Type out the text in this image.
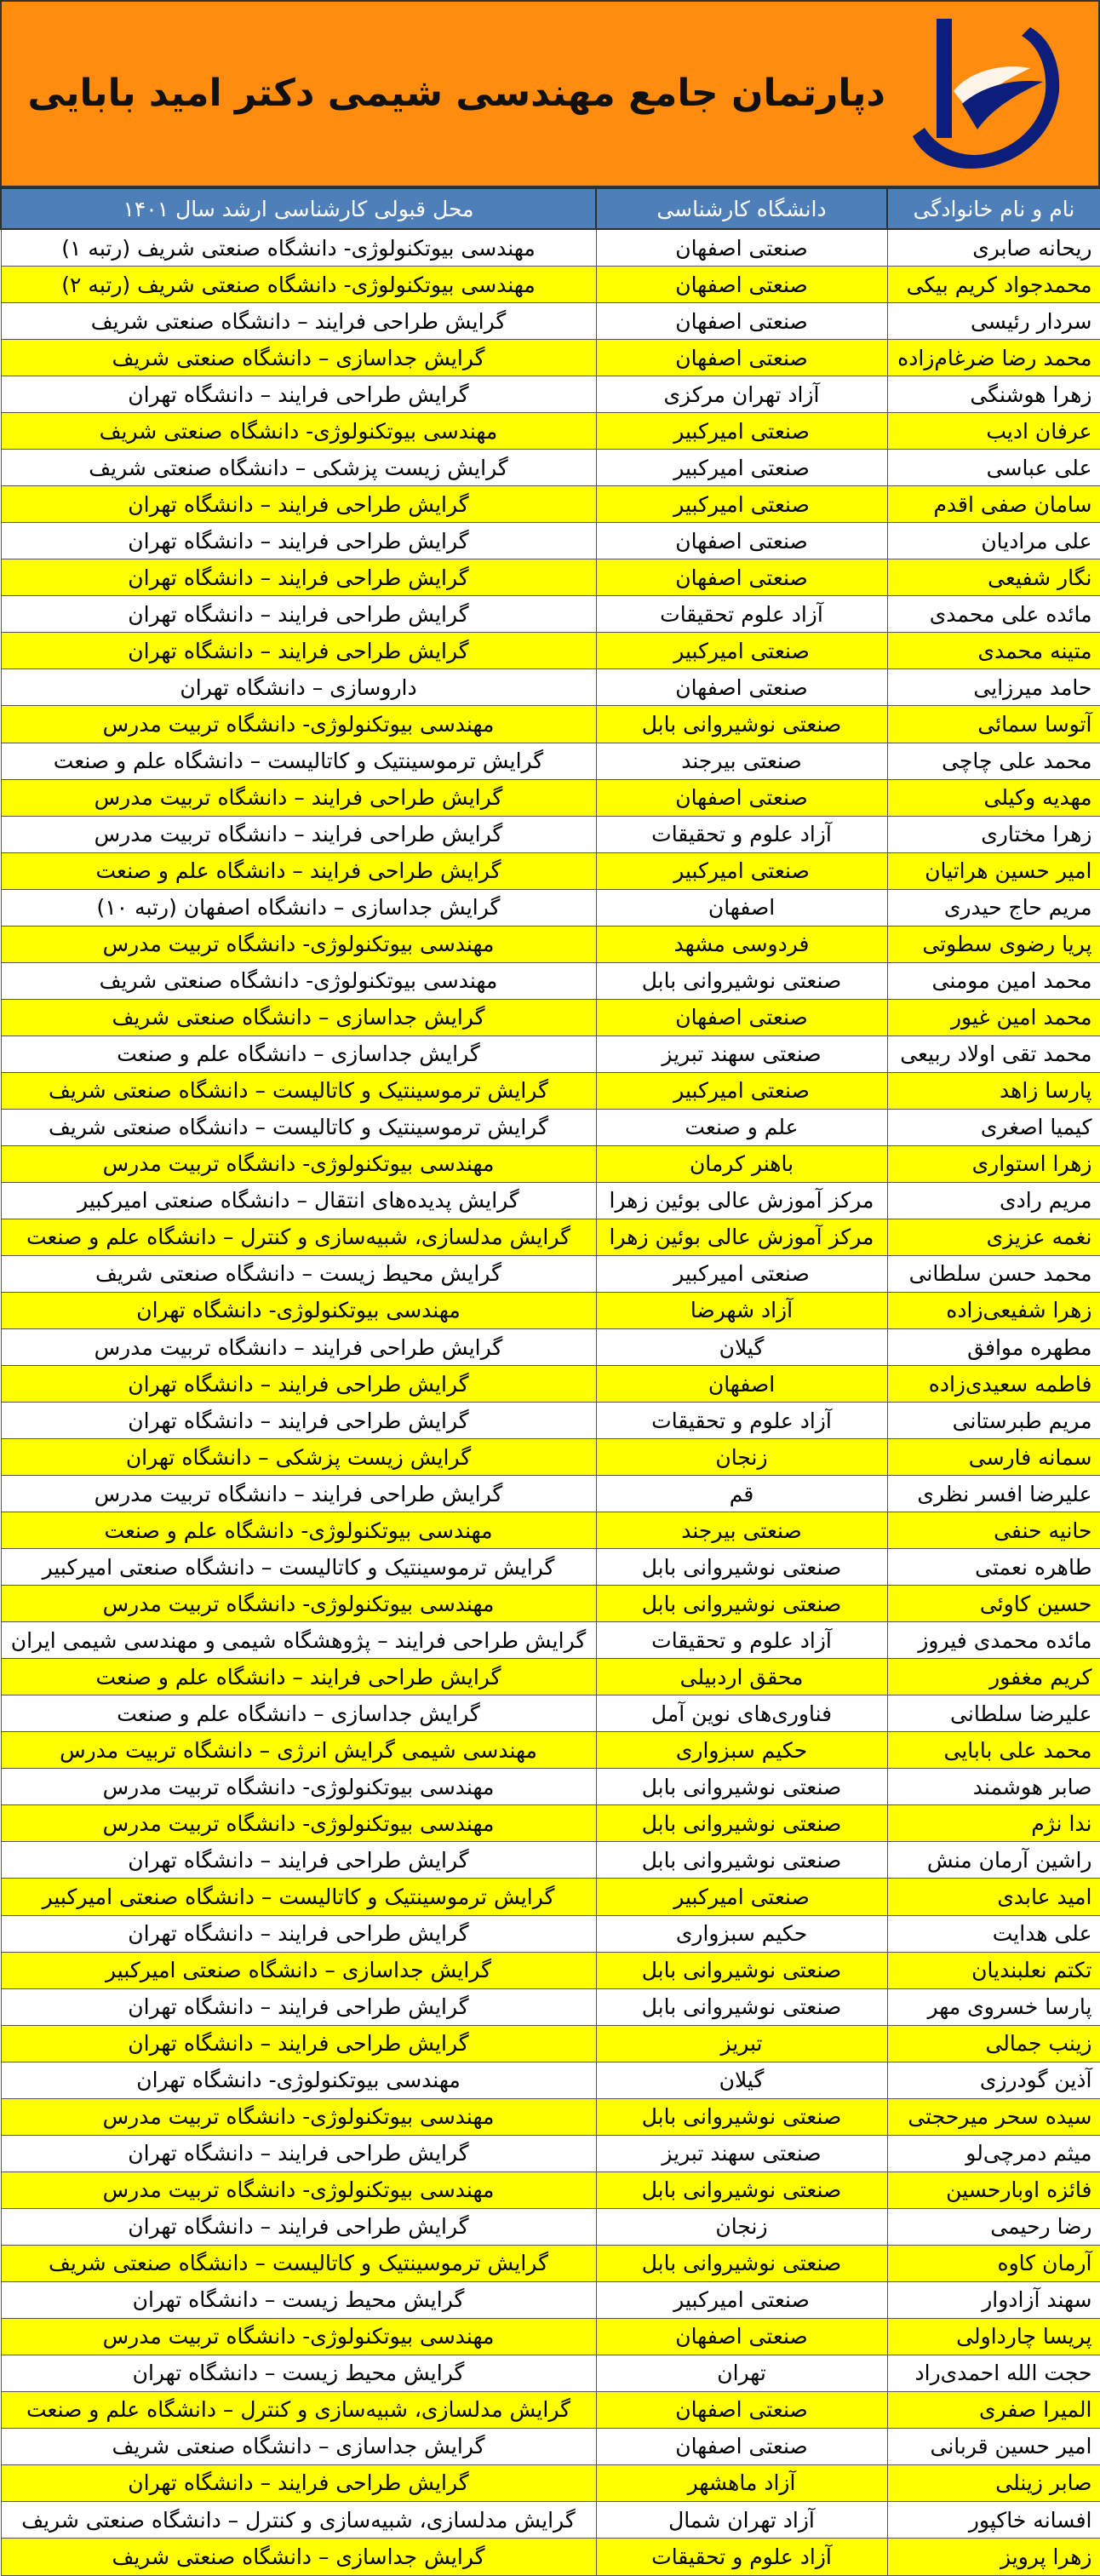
دپارتمان جامع مهندسی شیمی دکتر امید بابایی
نام و نام خانوادگی	دانشگاه کارشناسی	محل قبولی کارشناسی ارشد سال ۱۴۰۱
ریحانه صابری	صنعتی اصفهان	مهندسی بیوتکنولوژی- دانشگاه صنعتی شریف (رتبه ۱)
محمدجواد کریم بیکی	صنعتی اصفهان	مهندسی بیوتکنولوژی- دانشگاه صنعتی شریف (رتبه ۲)
سردار رئیسی	صنعتی اصفهان	گرایش طراحی فرایند – دانشگاه صنعتی شریف
محمد رضا ضرغام‌زاده	صنعتی اصفهان	گرایش جداسازی – دانشگاه صنعتی شریف
زهرا هوشنگی	آزاد تهران مرکزی	گرایش طراحی فرایند – دانشگاه تهران
عرفان ادیب	صنعتی امیرکبیر	مهندسی بیوتکنولوژی- دانشگاه صنعتی شریف
علی عباسی	صنعتی امیرکبیر	گرایش زیست پزشکی – دانشگاه صنعتی شریف
سامان صفی اقدم	صنعتی امیرکبیر	گرایش طراحی فرایند – دانشگاه تهران
علی مرادیان	صنعتی اصفهان	گرایش طراحی فرایند – دانشگاه تهران
نگار شفیعی	صنعتی اصفهان	گرایش طراحی فرایند – دانشگاه تهران
مائده علی محمدی	آزاد علوم تحقیقات	گرایش طراحی فرایند – دانشگاه تهران
متینه محمدی	صنعتی امیرکبیر	گرایش طراحی فرایند – دانشگاه تهران
حامد میرزایی	صنعتی اصفهان	داروسازی – دانشگاه تهران
آتوسا سمائی	صنعتی نوشیروانی بابل	مهندسی بیوتکنولوژی- دانشگاه تربیت مدرس
محمد علی چاچی	صنعتی بیرجند	گرایش ترموسینتیک و کاتالیست – دانشگاه علم و صنعت
مهدیه وکیلی	صنعتی اصفهان	گرایش طراحی فرایند – دانشگاه تربیت مدرس
زهرا مختاری	آزاد علوم و تحقیقات	گرایش طراحی فرایند – دانشگاه تربیت مدرس
امیر حسین هراتیان	صنعتی امیرکبیر	گرایش طراحی فرایند – دانشگاه علم و صنعت
مریم حاج حیدری	اصفهان	گرایش جداسازی – دانشگاه اصفهان (رتبه ۱۰)
پریا رضوی سطوتی	فردوسی مشهد	مهندسی بیوتکنولوژی- دانشگاه تربیت مدرس
محمد امین مومنی	صنعتی نوشیروانی بابل	مهندسی بیوتکنولوژی- دانشگاه صنعتی شریف
محمد امین غیور	صنعتی اصفهان	گرایش جداسازی – دانشگاه صنعتی شریف
محمد تقی اولاد ربیعی	صنعتی سهند تبریز	گرایش جداسازی – دانشگاه علم و صنعت
پارسا زاهد	صنعتی امیرکبیر	گرایش ترموسینتیک و کاتالیست – دانشگاه صنعتی شریف
کیمیا اصغری	علم و صنعت	گرایش ترموسینتیک و کاتالیست – دانشگاه صنعتی شریف
زهرا استواری	باهنر کرمان	مهندسی بیوتکنولوژی- دانشگاه تربیت مدرس
مریم رادی	مرکز آموزش عالی بوئین زهرا	گرایش پدیده‌های انتقال – دانشگاه صنعتی امیرکبیر
نغمه عزیزی	مرکز آموزش عالی بوئین زهرا	گرایش مدلسازی، شبیه‌سازی و کنترل – دانشگاه علم و صنعت
محمد حسن سلطانی	صنعتی امیرکبیر	گرایش محیط زیست – دانشگاه صنعتی شریف
زهرا شفیعی‌زاده	آزاد شهرضا	مهندسی بیوتکنولوژی- دانشگاه تهران
مطهره موافق	گیلان	گرایش طراحی فرایند – دانشگاه تربیت مدرس
فاطمه سعیدی‌زاده	اصفهان	گرایش طراحی فرایند – دانشگاه تهران
مریم طبرستانی	آزاد علوم و تحقیقات	گرایش طراحی فرایند – دانشگاه تهران
سمانه فارسی	زنجان	گرایش زیست پزشکی – دانشگاه تهران
علیرضا افسر نظری	قم	گرایش طراحی فرایند – دانشگاه تربیت مدرس
حانیه حنفی	صنعتی بیرجند	مهندسی بیوتکنولوژی- دانشگاه علم و صنعت
طاهره نعمتی	صنعتی نوشیروانی بابل	گرایش ترموسینتیک و کاتالیست – دانشگاه صنعتی امیرکبیر
حسین کاوئی	صنعتی نوشیروانی بابل	مهندسی بیوتکنولوژی- دانشگاه تربیت مدرس
مائده محمدی فیروز	آزاد علوم و تحقیقات	گرایش طراحی فرایند – پژوهشگاه شیمی و مهندسی شیمی ایران
کریم مغفور	محقق اردبیلی	گرایش طراحی فرایند – دانشگاه علم و صنعت
علیرضا سلطانی	فناوری‌های نوین آمل	گرایش جداسازی – دانشگاه علم و صنعت
محمد علی بابایی	حکیم سبزواری	مهندسی شیمی گرایش انرژی – دانشگاه تربیت مدرس
صابر هوشمند	صنعتی نوشیروانی بابل	مهندسی بیوتکنولوژی- دانشگاه تربیت مدرس
ندا نژم	صنعتی نوشیروانی بابل	مهندسی بیوتکنولوژی- دانشگاه تربیت مدرس
راشین آرمان منش	صنعتی نوشیروانی بابل	گرایش طراحی فرایند – دانشگاه تهران
امید عابدی	صنعتی امیرکبیر	گرایش ترموسینتیک و کاتالیست – دانشگاه صنعتی امیرکبیر
علی هدایت	حکیم سبزواری	گرایش طراحی فرایند – دانشگاه تهران
تکتم نعلبندیان	صنعتی نوشیروانی بابل	گرایش جداسازی – دانشگاه صنعتی امیرکبیر
پارسا خسروی مهر	صنعتی نوشیروانی بابل	گرایش طراحی فرایند – دانشگاه تهران
زینب جمالی	تبریز	گرایش طراحی فرایند – دانشگاه تهران
آذین گودرزی	گیلان	مهندسی بیوتکنولوژی- دانشگاه تهران
سیده سحر میرحجتی	صنعتی نوشیروانی بابل	مهندسی بیوتکنولوژی- دانشگاه تربیت مدرس
میثم دمرچی‌لو	صنعتی سهند تبریز	گرایش طراحی فرایند – دانشگاه تهران
فائزه اوبارحسین	صنعتی نوشیروانی بابل	مهندسی بیوتکنولوژی- دانشگاه تربیت مدرس
رضا رحیمی	زنجان	گرایش طراحی فرایند – دانشگاه تهران
آرمان کاوه	صنعتی نوشیروانی بابل	گرایش ترموسینتیک و کاتالیست – دانشگاه صنعتی شریف
سهند آزادوار	صنعتی امیرکبیر	گرایش محیط زیست – دانشگاه تهران
پریسا چارداولی	صنعتی اصفهان	مهندسی بیوتکنولوژی- دانشگاه تربیت مدرس
حجت الله احمدی‌راد	تهران	گرایش محیط زیست – دانشگاه تهران
المیرا صفری	صنعتی اصفهان	گرایش مدلسازی، شبیه‌سازی و کنترل – دانشگاه علم و صنعت
امیر حسین قربانی	صنعتی اصفهان	گرایش جداسازی – دانشگاه صنعتی شریف
صابر زینلی	آزاد ماهشهر	گرایش طراحی فرایند – دانشگاه تهران
افسانه خاکپور	آزاد تهران شمال	گرایش مدلسازی، شبیه‌سازی و کنترل – دانشگاه صنعتی شریف
زهرا پرویز	آزاد علوم و تحقیقات	گرایش جداسازی – دانشگاه صنعتی شریف
